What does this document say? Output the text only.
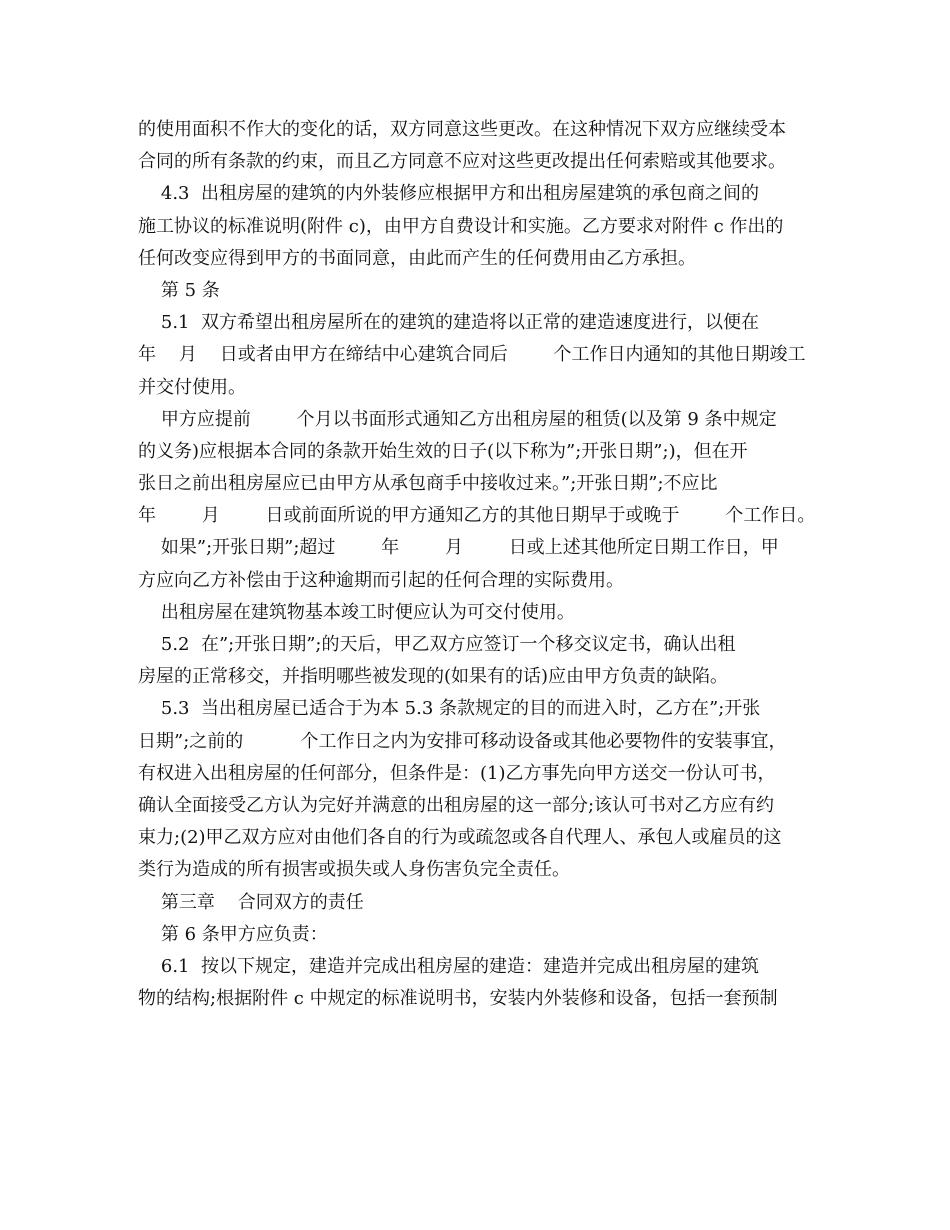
的使用面积不作大的变化的话，双方同意这些更改。在这种情况下双方应继续受本
合同的所有条款的约束，而且乙方同意不应对这些更改提出任何索赔或其他要求。
4.3  出租房屋的建筑的内外装修应根据甲方和出租房屋建筑的承包商之间的
施工协议的标准说明(附件 c)，由甲方自费设计和实施。乙方要求对附件 c 作出的
任何改变应得到甲方的书面同意，由此而产生的任何费用由乙方承担。
第 5 条
5.1  双方希望出租房屋所在的建筑的建造将以正常的建造速度进行，以便在
年    月    日或者由甲方在缔结中心建筑合同后        个工作日内通知的其他日期竣工
并交付使用。
甲方应提前        个月以书面形式通知乙方出租房屋的租赁(以及第 9 条中规定
的义务)应根据本合同的条款开始生效的日子(以下称为”;开张日期”;)，但在开
张日之前出租房屋应已由甲方从承包商手中接收过来。”;开张日期”;不应比
年        月        日或前面所说的甲方通知乙方的其他日期早于或晚于        个工作日。
如果”;开张日期”;超过        年        月        日或上述其他所定日期工作日，甲
方应向乙方补偿由于这种逾期而引起的任何合理的实际费用。
出租房屋在建筑物基本竣工时便应认为可交付使用。
5.2  在”;开张日期”;的天后，甲乙双方应签订一个移交议定书，确认出租
房屋的正常移交，并指明哪些被发现的(如果有的话)应由甲方负责的缺陷。
5.3  当出租房屋已适合于为本 5.3 条款规定的目的而进入时，乙方在”;开张
日期”;之前的          个工作日之内为安排可移动设备或其他必要物件的安装事宜，
有权进入出租房屋的任何部分，但条件是：(1)乙方事先向甲方送交一份认可书，
确认全面接受乙方认为完好并满意的出租房屋的这一部分;该认可书对乙方应有约
束力;(2)甲乙双方应对由他们各自的行为或疏忽或各自代理人、承包人或雇员的这
类行为造成的所有损害或损失或人身伤害负完全责任。
第三章    合同双方的责任
第 6 条甲方应负责：
6.1  按以下规定，建造并完成出租房屋的建造：建造并完成出租房屋的建筑
物的结构;根据附件 c 中规定的标准说明书，安装内外装修和设备，包括一套预制
